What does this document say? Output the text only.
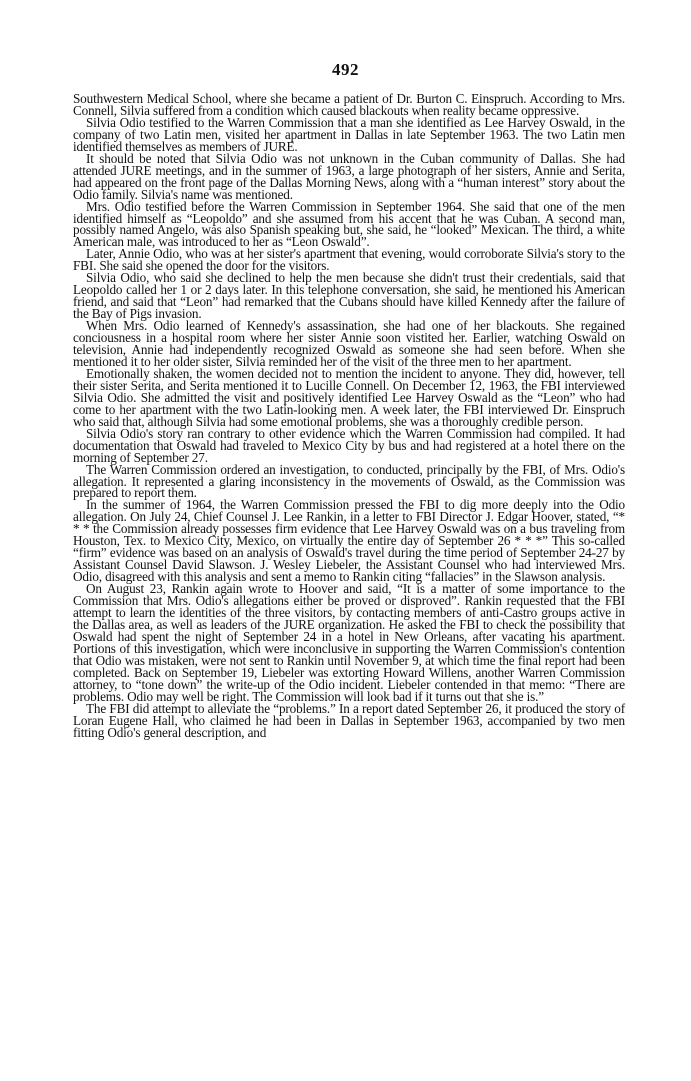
492

Southwestern Medical School, where she became a patient of Dr. Burton C. Einspruch. According to Mrs. Connell, Silvia suffered from a condition which caused blackouts when reality became oppressive.

Silvia Odio testified to the Warren Commission that a man she identified as Lee Harvey Oswald, in the company of two Latin men, visited her apartment in Dallas in late September 1963. The two Latin men identified themselves as members of JURE.

It should be noted that Silvia Odio was not unknown in the Cuban community of Dallas. She had attended JURE meetings, and in the summer of 1963, a large photograph of her sisters, Annie and Serita, had appeared on the front page of the Dallas Morning News, along with a “human interest” story about the Odio family. Silvia's name was mentioned.

Mrs. Odio testified before the Warren Commission in September 1964. She said that one of the men identified himself as “Leopoldo” and she assumed from his accent that he was Cuban. A second man, possibly named Angelo, was also Spanish speaking but, she said, he “looked” Mexican. The third, a white American male, was introduced to her as “Leon Oswald”.

Later, Annie Odio, who was at her sister's apartment that evening, would corroborate Silvia's story to the FBI. She said she opened the door for the visitors.

Silvia Odio, who said she declined to help the men because she didn't trust their credentials, said that Leopoldo called her 1 or 2 days later. In this telephone conversation, she said, he mentioned his American friend, and said that “Leon” had remarked that the Cubans should have killed Kennedy after the failure of the Bay of Pigs invasion.

When Mrs. Odio learned of Kennedy's assassination, she had one of her blackouts. She regained conciousness in a hospital room where her sister Annie soon vistited her. Earlier, watching Oswald on television, Annie had independently recognized Oswald as someone she had seen before. When she mentioned it to her older sister, Silvia reminded her of the visit of the three men to her apartment.

Emotionally shaken, the women decided not to mention the incident to anyone. They did, however, tell their sister Serita, and Serita mentioned it to Lucille Connell. On December 12, 1963, the FBI interviewed Silvia Odio. She admitted the visit and positively identified Lee Harvey Oswald as the “Leon” who had come to her apartment with the two Latin-looking men. A week later, the FBI interviewed Dr. Einspruch who said that, although Silvia had some emotional problems, she was a thoroughly credible person.

Silvia Odio's story ran contrary to other evidence which the Warren Commission had compiled. It had documentation that Oswald had traveled to Mexico City by bus and had registered at a hotel there on the morning of September 27.

The Warren Commission ordered an investigation, to conducted, principally by the FBI, of Mrs. Odio's allegation. It represented a glaring inconsistency in the movements of Oswald, as the Commission was prepared to report them.

In the summer of 1964, the Warren Commission pressed the FBI to dig more deeply into the Odio allegation. On July 24, Chief Counsel J. Lee Rankin, in a letter to FBI Director J. Edgar Hoover, stated, “* * * the Commission already possesses firm evidence that Lee Harvey Oswald was on a bus traveling from Houston, Tex. to Mexico City, Mexico, on virtually the entire day of September 26 * * *” This so-called “firm” evidence was based on an analysis of Oswald's travel during the time period of September 24-27 by Assistant Counsel David Slawson. J. Wesley Liebeler, the Assistant Counsel who had interviewed Mrs. Odio, disagreed with this analysis and sent a memo to Rankin citing “fallacies” in the Slawson analysis.

On August 23, Rankin again wrote to Hoover and said, “It is a matter of some importance to the Commission that Mrs. Odio's allegations either be proved or disproved”. Rankin requested that the FBI attempt to learn the identities of the three visitors, by contacting members of anti-Castro groups active in the Dallas area, as well as leaders of the JURE organization. He asked the FBI to check the possibility that Oswald had spent the night of September 24 in a hotel in New Orleans, after vacating his apartment. Portions of this investigation, which were inconclusive in supporting the Warren Commission's contention that Odio was mistaken, were not sent to Rankin until November 9, at which time the final report had been completed. Back on September 19, Liebeler was extorting Howard Willens, another Warren Commission attorney, to “tone down” the write-up of the Odio incident. Liebeler contended in that memo: “There are problems. Odio may well be right. The Commission will look bad if it turns out that she is.”

The FBI did attempt to alleviate the “problems.” In a report dated September 26, it produced the story of Loran Eugene Hall, who claimed he had been in Dallas in September 1963, accompanied by two men fitting Odio's general description, and
